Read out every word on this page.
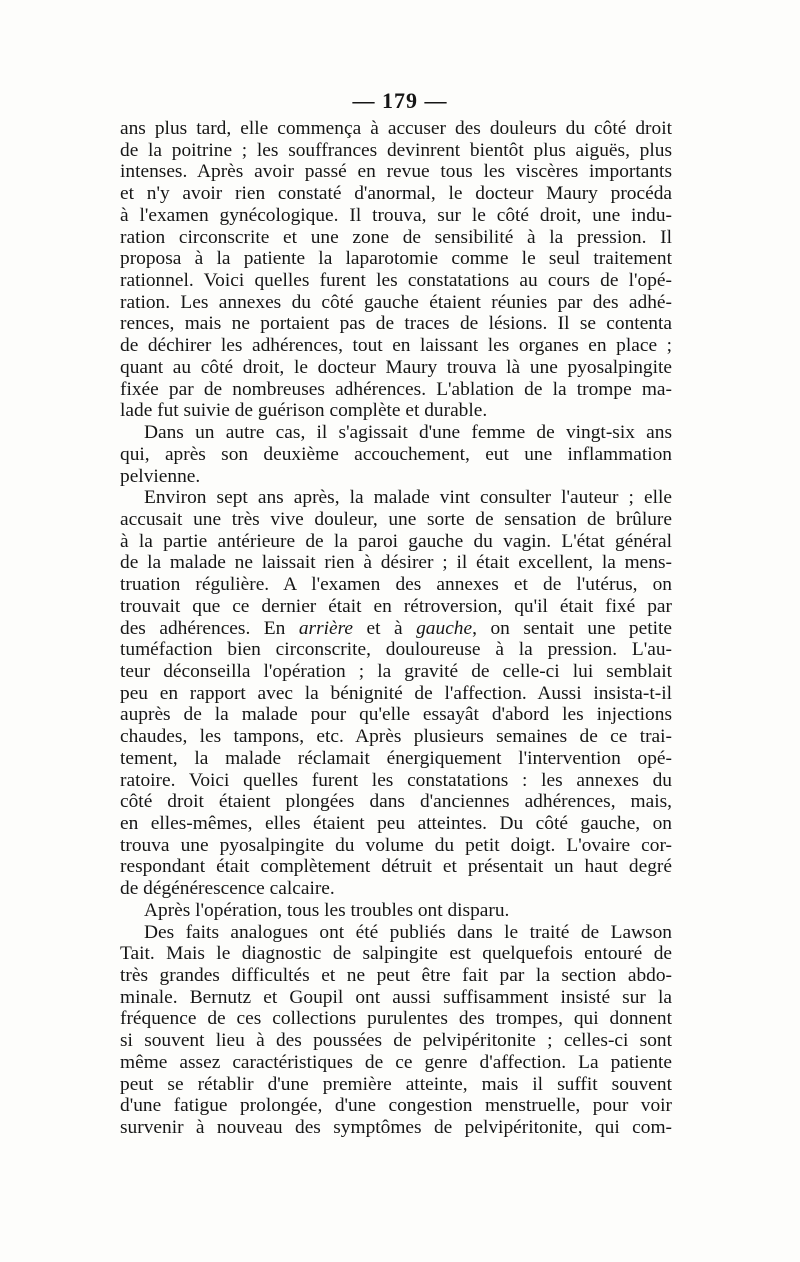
— 179 —
ans plus tard, elle commença à accuser des douleurs du côté droit
de la poitrine ; les souffrances devinrent bientôt plus aiguës, plus
intenses. Après avoir passé en revue tous les viscères importants
et n'y avoir rien constaté d'anormal, le docteur Maury procéda
à l'examen gynécologique. Il trouva, sur le côté droit, une indu-
ration circonscrite et une zone de sensibilité à la pression. Il
proposa à la patiente la laparotomie comme le seul traitement
rationnel. Voici quelles furent les constatations au cours de l'opé-
ration. Les annexes du côté gauche étaient réunies par des adhé-
rences, mais ne portaient pas de traces de lésions. Il se contenta
de déchirer les adhérences, tout en laissant les organes en place ;
quant au côté droit, le docteur Maury trouva là une pyosalpingite
fixée par de nombreuses adhérences. L'ablation de la trompe ma-
lade fut suivie de guérison complète et durable.
Dans un autre cas, il s'agissait d'une femme de vingt-six ans
qui, après son deuxième accouchement, eut une inflammation
pelvienne.
Environ sept ans après, la malade vint consulter l'auteur ; elle
accusait une très vive douleur, une sorte de sensation de brûlure
à la partie antérieure de la paroi gauche du vagin. L'état général
de la malade ne laissait rien à désirer ; il était excellent, la mens-
truation régulière. A l'examen des annexes et de l'utérus, on
trouvait que ce dernier était en rétroversion, qu'il était fixé par
des adhérences. En arrière et à gauche, on sentait une petite
tuméfaction bien circonscrite, douloureuse à la pression. L'au-
teur déconseilla l'opération ; la gravité de celle-ci lui semblait
peu en rapport avec la bénignité de l'affection. Aussi insista-t-il
auprès de la malade pour qu'elle essayât d'abord les injections
chaudes, les tampons, etc. Après plusieurs semaines de ce trai-
tement, la malade réclamait énergiquement l'intervention opé-
ratoire. Voici quelles furent les constatations : les annexes du
côté droit étaient plongées dans d'anciennes adhérences, mais,
en elles-mêmes, elles étaient peu atteintes. Du côté gauche, on
trouva une pyosalpingite du volume du petit doigt. L'ovaire cor-
respondant était complètement détruit et présentait un haut degré
de dégénérescence calcaire.
Après l'opération, tous les troubles ont disparu.
Des faits analogues ont été publiés dans le traité de Lawson
Tait. Mais le diagnostic de salpingite est quelquefois entouré de
très grandes difficultés et ne peut être fait par la section abdo-
minale. Bernutz et Goupil ont aussi suffisamment insisté sur la
fréquence de ces collections purulentes des trompes, qui donnent
si souvent lieu à des poussées de pelvipéritonite ; celles-ci sont
même assez caractéristiques de ce genre d'affection. La patiente
peut se rétablir d'une première atteinte, mais il suffit souvent
d'une fatigue prolongée, d'une congestion menstruelle, pour voir
survenir à nouveau des symptômes de pelvipéritonite, qui com-
